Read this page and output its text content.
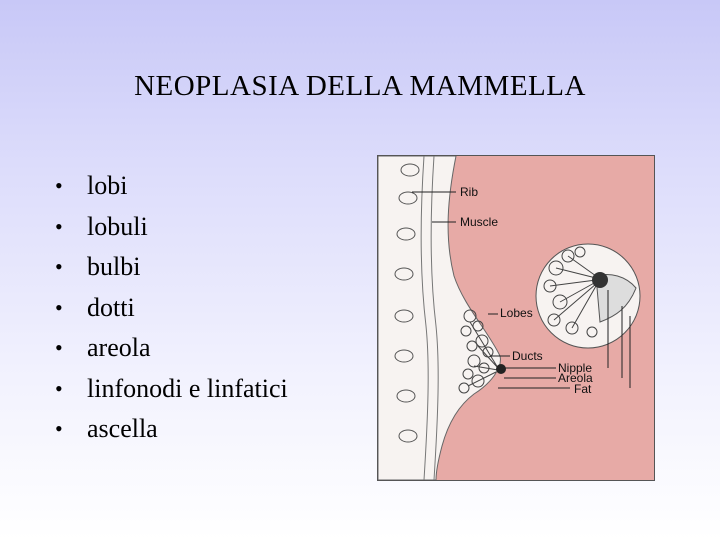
NEOPLASIA DELLA MAMMELLA
• lobi
• lobuli
• bulbi
• dotti
• areola
• linfonodi e linfatici
• ascella
Rib
Muscle
Lobes
Ducts
Nipple
Areola
Fat
